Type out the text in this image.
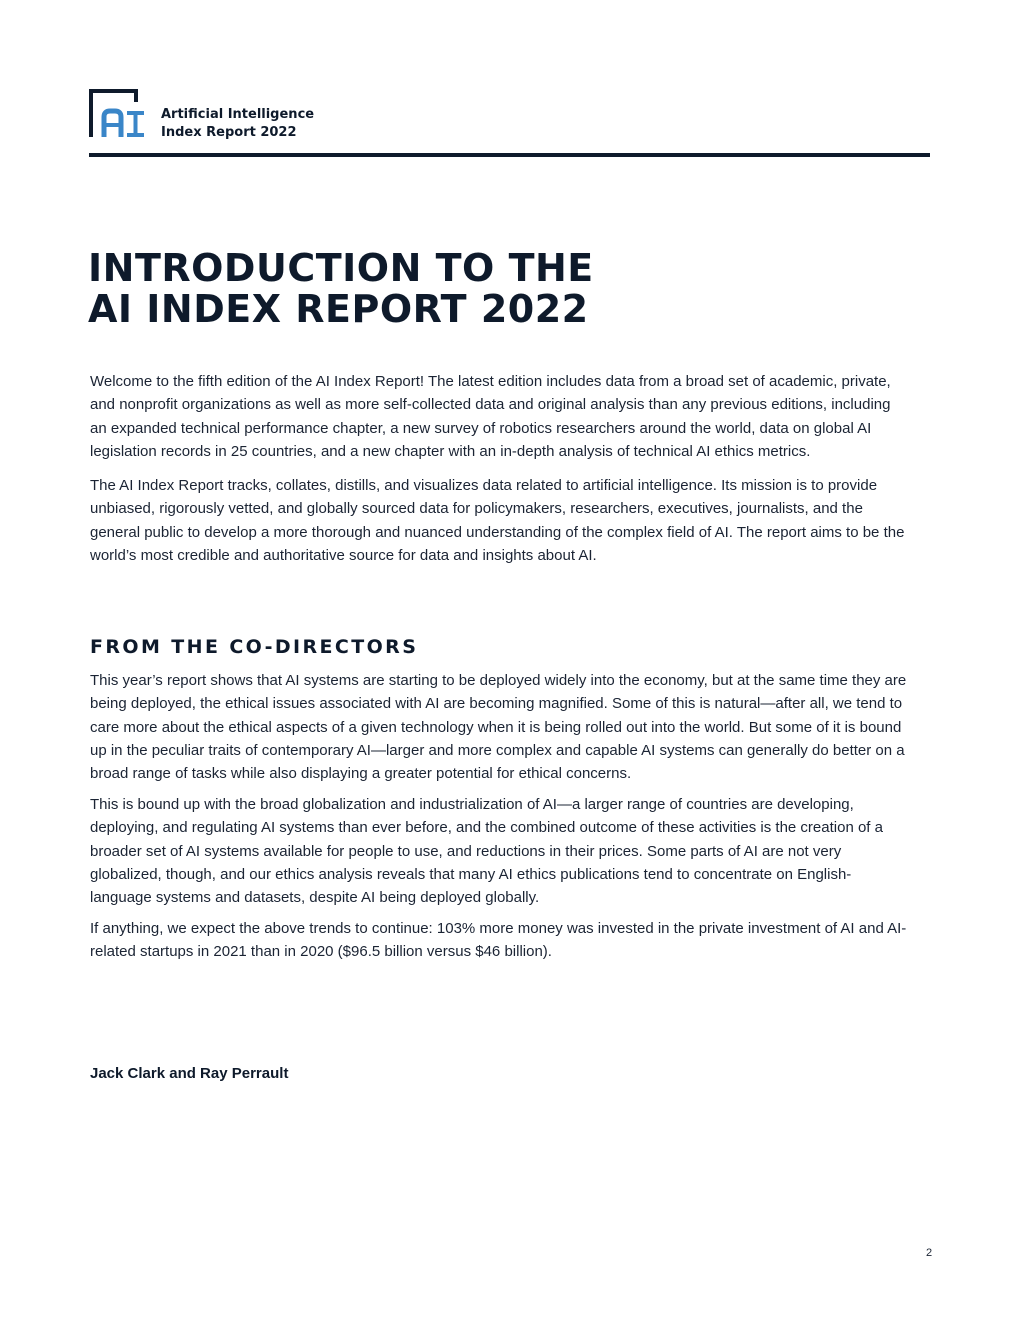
Artificial Intelligence
Index Report 2022
INTRODUCTION TO THE
AI INDEX REPORT 2022

Welcome to the fifth edition of the AI Index Report! The latest edition includes data from a broad set of academic, private, and nonprofit organizations as well as more self-collected data and original analysis than any previous editions, including an expanded technical performance chapter, a new survey of robotics researchers around the world, data on global AI legislation records in 25 countries, and a new chapter with an in-depth analysis of technical AI ethics metrics.

The AI Index Report tracks, collates, distills, and visualizes data related to artificial intelligence. Its mission is to provide unbiased, rigorously vetted, and globally sourced data for policymakers, researchers, executives, journalists, and the general public to develop a more thorough and nuanced understanding of the complex field of AI. The report aims to be the world’s most credible and authoritative source for data and insights about AI.

FROM THE CO-DIRECTORS

This year’s report shows that AI systems are starting to be deployed widely into the economy, but at the same time they are being deployed, the ethical issues associated with AI are becoming magnified. Some of this is natural—after all, we tend to care more about the ethical aspects of a given technology when it is being rolled out into the world. But some of it is bound up in the peculiar traits of contemporary AI—larger and more complex and capable AI systems can generally do better on a broad range of tasks while also displaying a greater potential for ethical concerns.

This is bound up with the broad globalization and industrialization of AI—a larger range of countries are developing, deploying, and regulating AI systems than ever before, and the combined outcome of these activities is the creation of a broader set of AI systems available for people to use, and reductions in their prices. Some parts of AI are not very globalized, though, and our ethics analysis reveals that many AI ethics publications tend to concentrate on English-language systems and datasets, despite AI being deployed globally.

If anything, we expect the above trends to continue: 103% more money was invested in the private investment of AI and AI-related startups in 2021 than in 2020 ($96.5 billion versus $46 billion).

Jack Clark and Ray Perrault

2
